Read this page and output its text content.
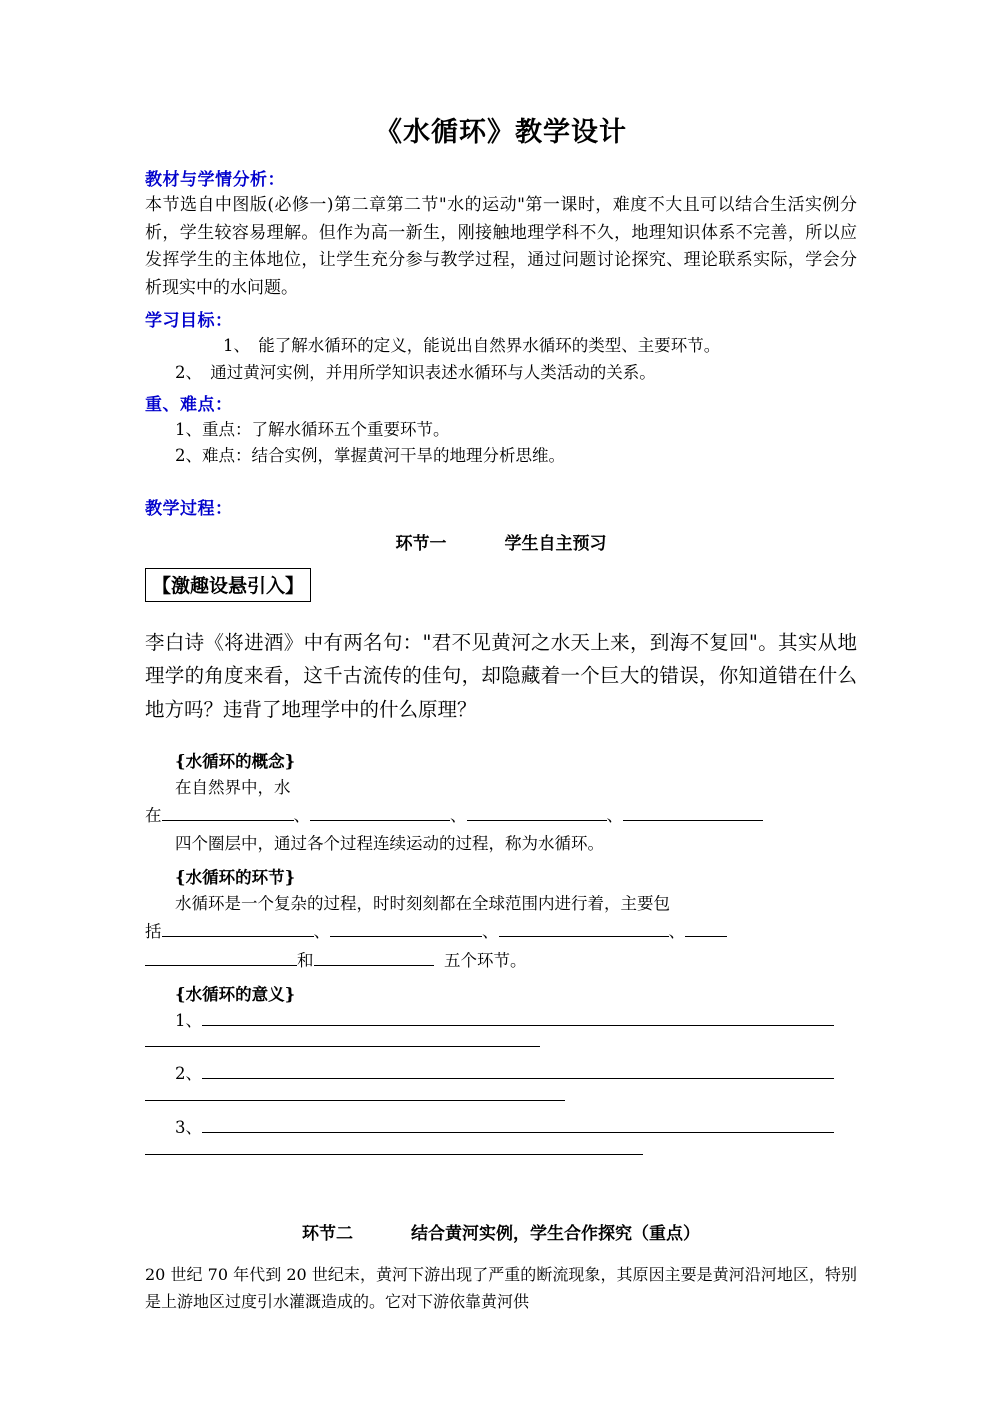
《水循环》教学设计
教材与学情分析：

本节选自中图版(必修一)第二章第二节"水的运动"第一课时，难度不大且可以结合生活实例分析，学生较容易理解。但作为高一新生，刚接触地理学科不久，地理知识体系不完善，所以应发挥学生的主体地位，让学生充分参与教学过程，通过问题讨论探究、理论联系实际，学会分析现实中的水问题。

学习目标：

1、　能了解水循环的定义，能说出自然界水循环的类型、主要环节。

2、　通过黄河实例，并用所学知识表述水循环与人类活动的关系。

重、难点：

1、重点：了解水循环五个重要环节。

2、难点：结合实例，掌握黄河干旱的地理分析思维。

教学过程：
环节一	学生自主预习
【激趣设悬引入】

李白诗《将进酒》中有两名句："君不见黄河之水天上来，到海不复回"。其实从地理学的角度来看，这千古流传的佳句，却隐藏着一个巨大的错误，你知道错在什么地方吗？违背了地理学中的什么原理？

{水循环的概念}

在自然界中，水

在	、	、	、

四个圈层中，通过各个过程连续运动的过程，称为水循环。

{水循环的环节}

水循环是一个复杂的过程，时时刻刻都在全球范围内进行着，主要包

括	、	、	、

和	五个环节。

{水循环的意义}

1、

2、

3、

环节二	结合黄河实例，学生合作探究（重点）

20 世纪 70 年代到 20 世纪末，黄河下游出现了严重的断流现象，其原因主要是黄河沿河地区，特别是上游地区过度引水灌溉造成的。它对下游依靠黄河供
